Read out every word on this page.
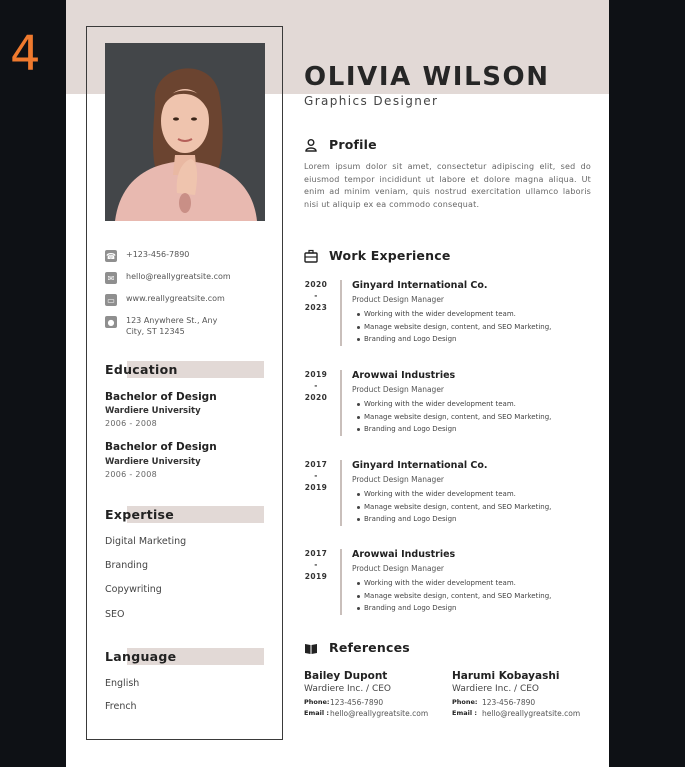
4
☎ +123-456-7890
✉	hello@reallygreatsite.com
▭ www.reallygreatsite.com
●	123 Anywhere St., Any
City, ST 12345
Education
Bachelor of Design
Wardiere University
2006 - 2008
Bachelor of Design
Wardiere University
2006 - 2008
Expertise
Digital Marketing
Branding
Copywriting
SEO
Language
English
French
OLIVIA WILSON
Graphics Designer
Profile
Lorem ipsum dolor sit amet, consectetur adipiscing elit, sed do eiusmod tempor incididunt ut labore et dolore magna aliqua. Ut enim ad minim veniam, quis nostrud exercitation ullamco laboris nisi ut aliquip ex ea commodo consequat.
Work Experience
2020
-
2023
Ginyard International Co.
Product Design Manager
Working with the wider development team.
Manage website design, content, and SEO Marketing,
Branding and Logo Design
2019
-
2020
Arowwai Industries
Product Design Manager
Working with the wider development team.
Manage website design, content, and SEO Marketing,
Branding and Logo Design
2017
-
2019
Ginyard International Co.
Product Design Manager
Working with the wider development team.
Manage website design, content, and SEO Marketing,
Branding and Logo Design
2017
-
2019
Arowwai Industries
Product Design Manager
Working with the wider development team.
Manage website design, content, and SEO Marketing,
Branding and Logo Design
References
Bailey Dupont
Wardiere Inc. / CEO
Phone: 123-456-7890
Email : hello@reallygreatsite.com
Harumi Kobayashi
Wardiere Inc. / CEO
Phone: 123-456-7890
Email : hello@reallygreatsite.com
